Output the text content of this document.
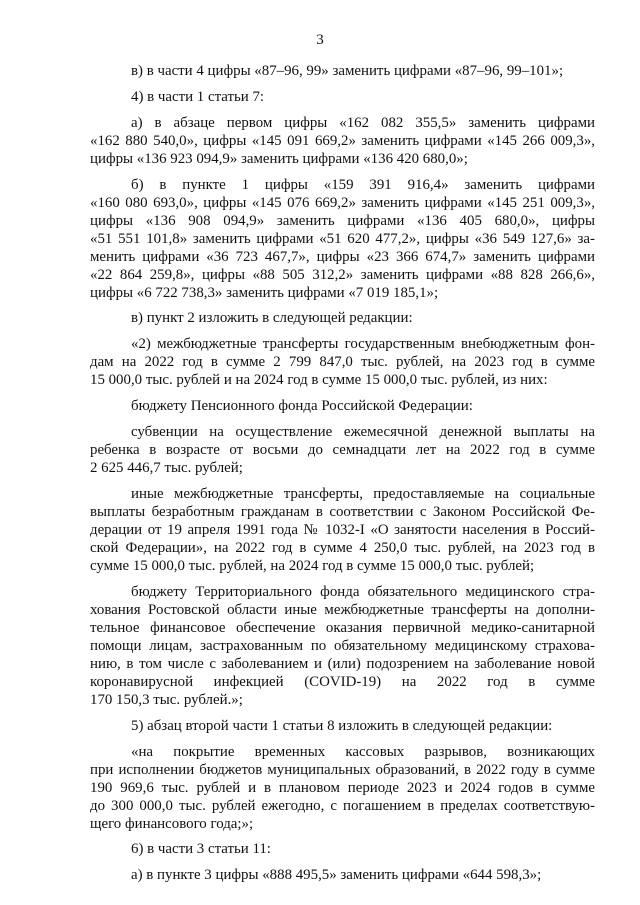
3
в) в части 4 цифры «87–96, 99» заменить цифрами «87–96, 99–101»;
4) в части 1 статьи 7:
а) в абзаце первом цифры «162 082 355,5» заменить цифрами
«162 880 540,0», цифры «145 091 669,2» заменить цифрами «145 266 009,3»,
цифры «136 923 094,9» заменить цифрами «136 420 680,0»;
б) в пункте 1 цифры «159 391 916,4» заменить цифрами
«160 080 693,0», цифры «145 076 669,2» заменить цифрами «145 251 009,3»,
цифры «136 908 094,9» заменить цифрами «136 405 680,0», цифры
«51 551 101,8» заменить цифрами «51 620 477,2», цифры «36 549 127,6» за-
менить цифрами «36 723 467,7», цифры «23 366 674,7» заменить цифрами
«22 864 259,8», цифры «88 505 312,2» заменить цифрами «88 828 266,6»,
цифры «6 722 738,3» заменить цифрами «7 019 185,1»;
в) пункт 2 изложить в следующей редакции:
«2) межбюджетные трансферты государственным внебюджетным фон-
дам на 2022 год в сумме 2 799 847,0 тыс. рублей, на 2023 год в сумме
15 000,0 тыс. рублей и на 2024 год в сумме 15 000,0 тыс. рублей, из них:
бюджету Пенсионного фонда Российской Федерации:
субвенции на осуществление ежемесячной денежной выплаты на
ребенка в возрасте от восьми до семнадцати лет на 2022 год в сумме
2 625 446,7 тыс. рублей;
иные межбюджетные трансферты, предоставляемые на социальные
выплаты безработным гражданам в соответствии с Законом Российской Фе-
дерации от 19 апреля 1991 года № 1032-I «О занятости населения в Россий-
ской Федерации», на 2022 год в сумме 4 250,0 тыс. рублей, на 2023 год в
сумме 15 000,0 тыс. рублей, на 2024 год в сумме 15 000,0 тыс. рублей;
бюджету Территориального фонда обязательного медицинского стра-
хования Ростовской области иные межбюджетные трансферты на дополни-
тельное финансовое обеспечение оказания первичной медико-санитарной
помощи лицам, застрахованным по обязательному медицинскому страхова-
нию, в том числе с заболеванием и (или) подозрением на заболевание новой
коронавирусной инфекцией (COVID-19) на 2022 год в сумме
170 150,3 тыс. рублей.»;
5) абзац второй части 1 статьи 8 изложить в следующей редакции:
«на покрытие временных кассовых разрывов, возникающих
при исполнении бюджетов муниципальных образований, в 2022 году в сумме
190 969,6 тыс. рублей и в плановом периоде 2023 и 2024 годов в сумме
до 300 000,0 тыс. рублей ежегодно, с погашением в пределах соответствую-
щего финансового года;»;
6) в части 3 статьи 11:
а) в пункте 3 цифры «888 495,5» заменить цифрами «644 598,3»;
